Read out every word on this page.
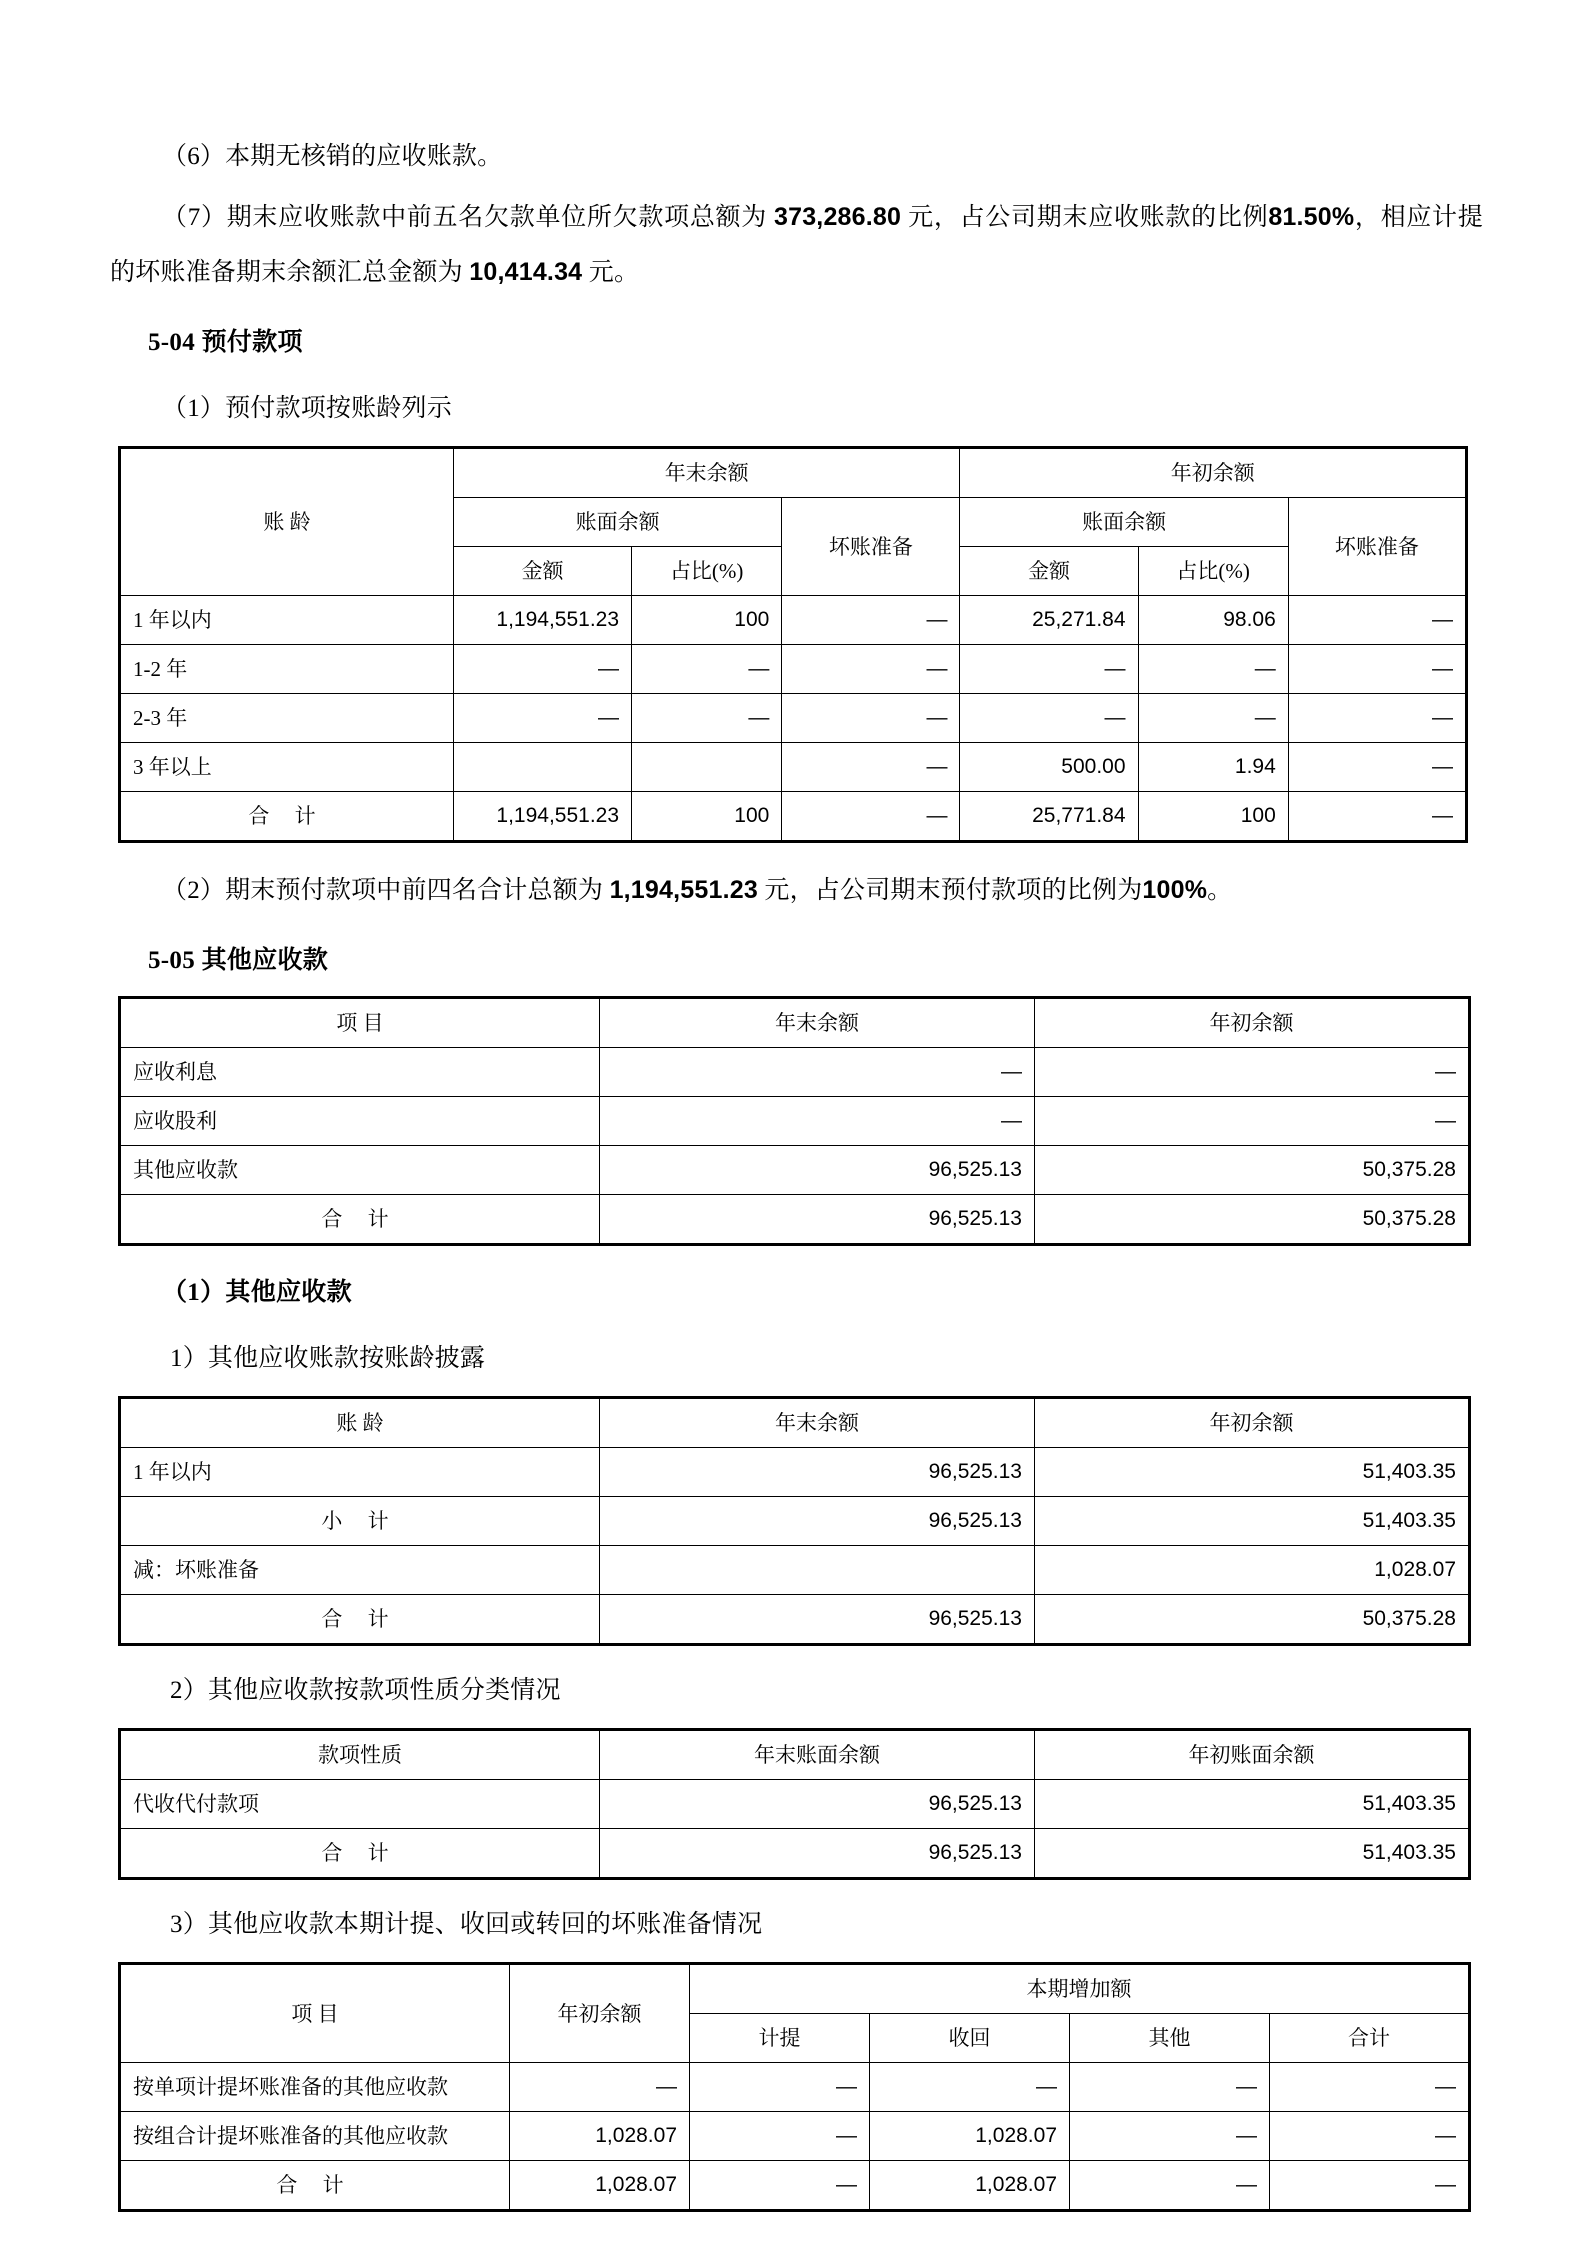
（6）本期无核销的应收账款。

（7）期末应收账款中前五名欠款单位所欠款项总额为 373,286.80 元，占公司期末应收账款的比例81.50%，相应计提的坏账准备期末余额汇总金额为 10,414.34 元。

5-04 预付款项

（1）预付款项按账龄列示

账 龄	年末余额			年初余额		
	账面余额		坏账准备	账面余额		坏账准备
	金额	占比(%)		金额	占比(%)	
1 年以内	1,194,551.23	100	—	25,271.84	98.06	—
1-2 年	—	—	—	—	—	—
2-3 年	—	—	—	—	—	—
3 年以上			—	500.00	1.94	—
合 计	1,194,551.23	100	—	25,771.84	100	—

（2）期末预付款项中前四名合计总额为 1,194,551.23 元，占公司期末预付款项的比例为100%。

5-05 其他应收款
项 目	年末余额	年初余额
应收利息	—	—
应收股利	—	—
其他应收款	96,525.13	50,375.28
合 计	96,525.13	50,375.28
（1）其他应收款

1）其他应收账款按账龄披露

账 龄	年末余额	年初余额
1 年以内	96,525.13	51,403.35
小 计	96,525.13	51,403.35
减：坏账准备		1,028.07
合 计	96,525.13	50,375.28

2）其他应收款按款项性质分类情况

款项性质	年末账面余额	年初账面余额
代收代付款项	96,525.13	51,403.35
合 计	96,525.13	51,403.35

3）其他应收款本期计提、收回或转回的坏账准备情况

项 目	年初余额	本期增加额			
		计提	收回	其他	合计
按单项计提坏账准备的其他应收款	—	—	—	—	—
按组合计提坏账准备的其他应收款	1,028.07	—	1,028.07	—	—
合 计	1,028.07	—	1,028.07	—	—
